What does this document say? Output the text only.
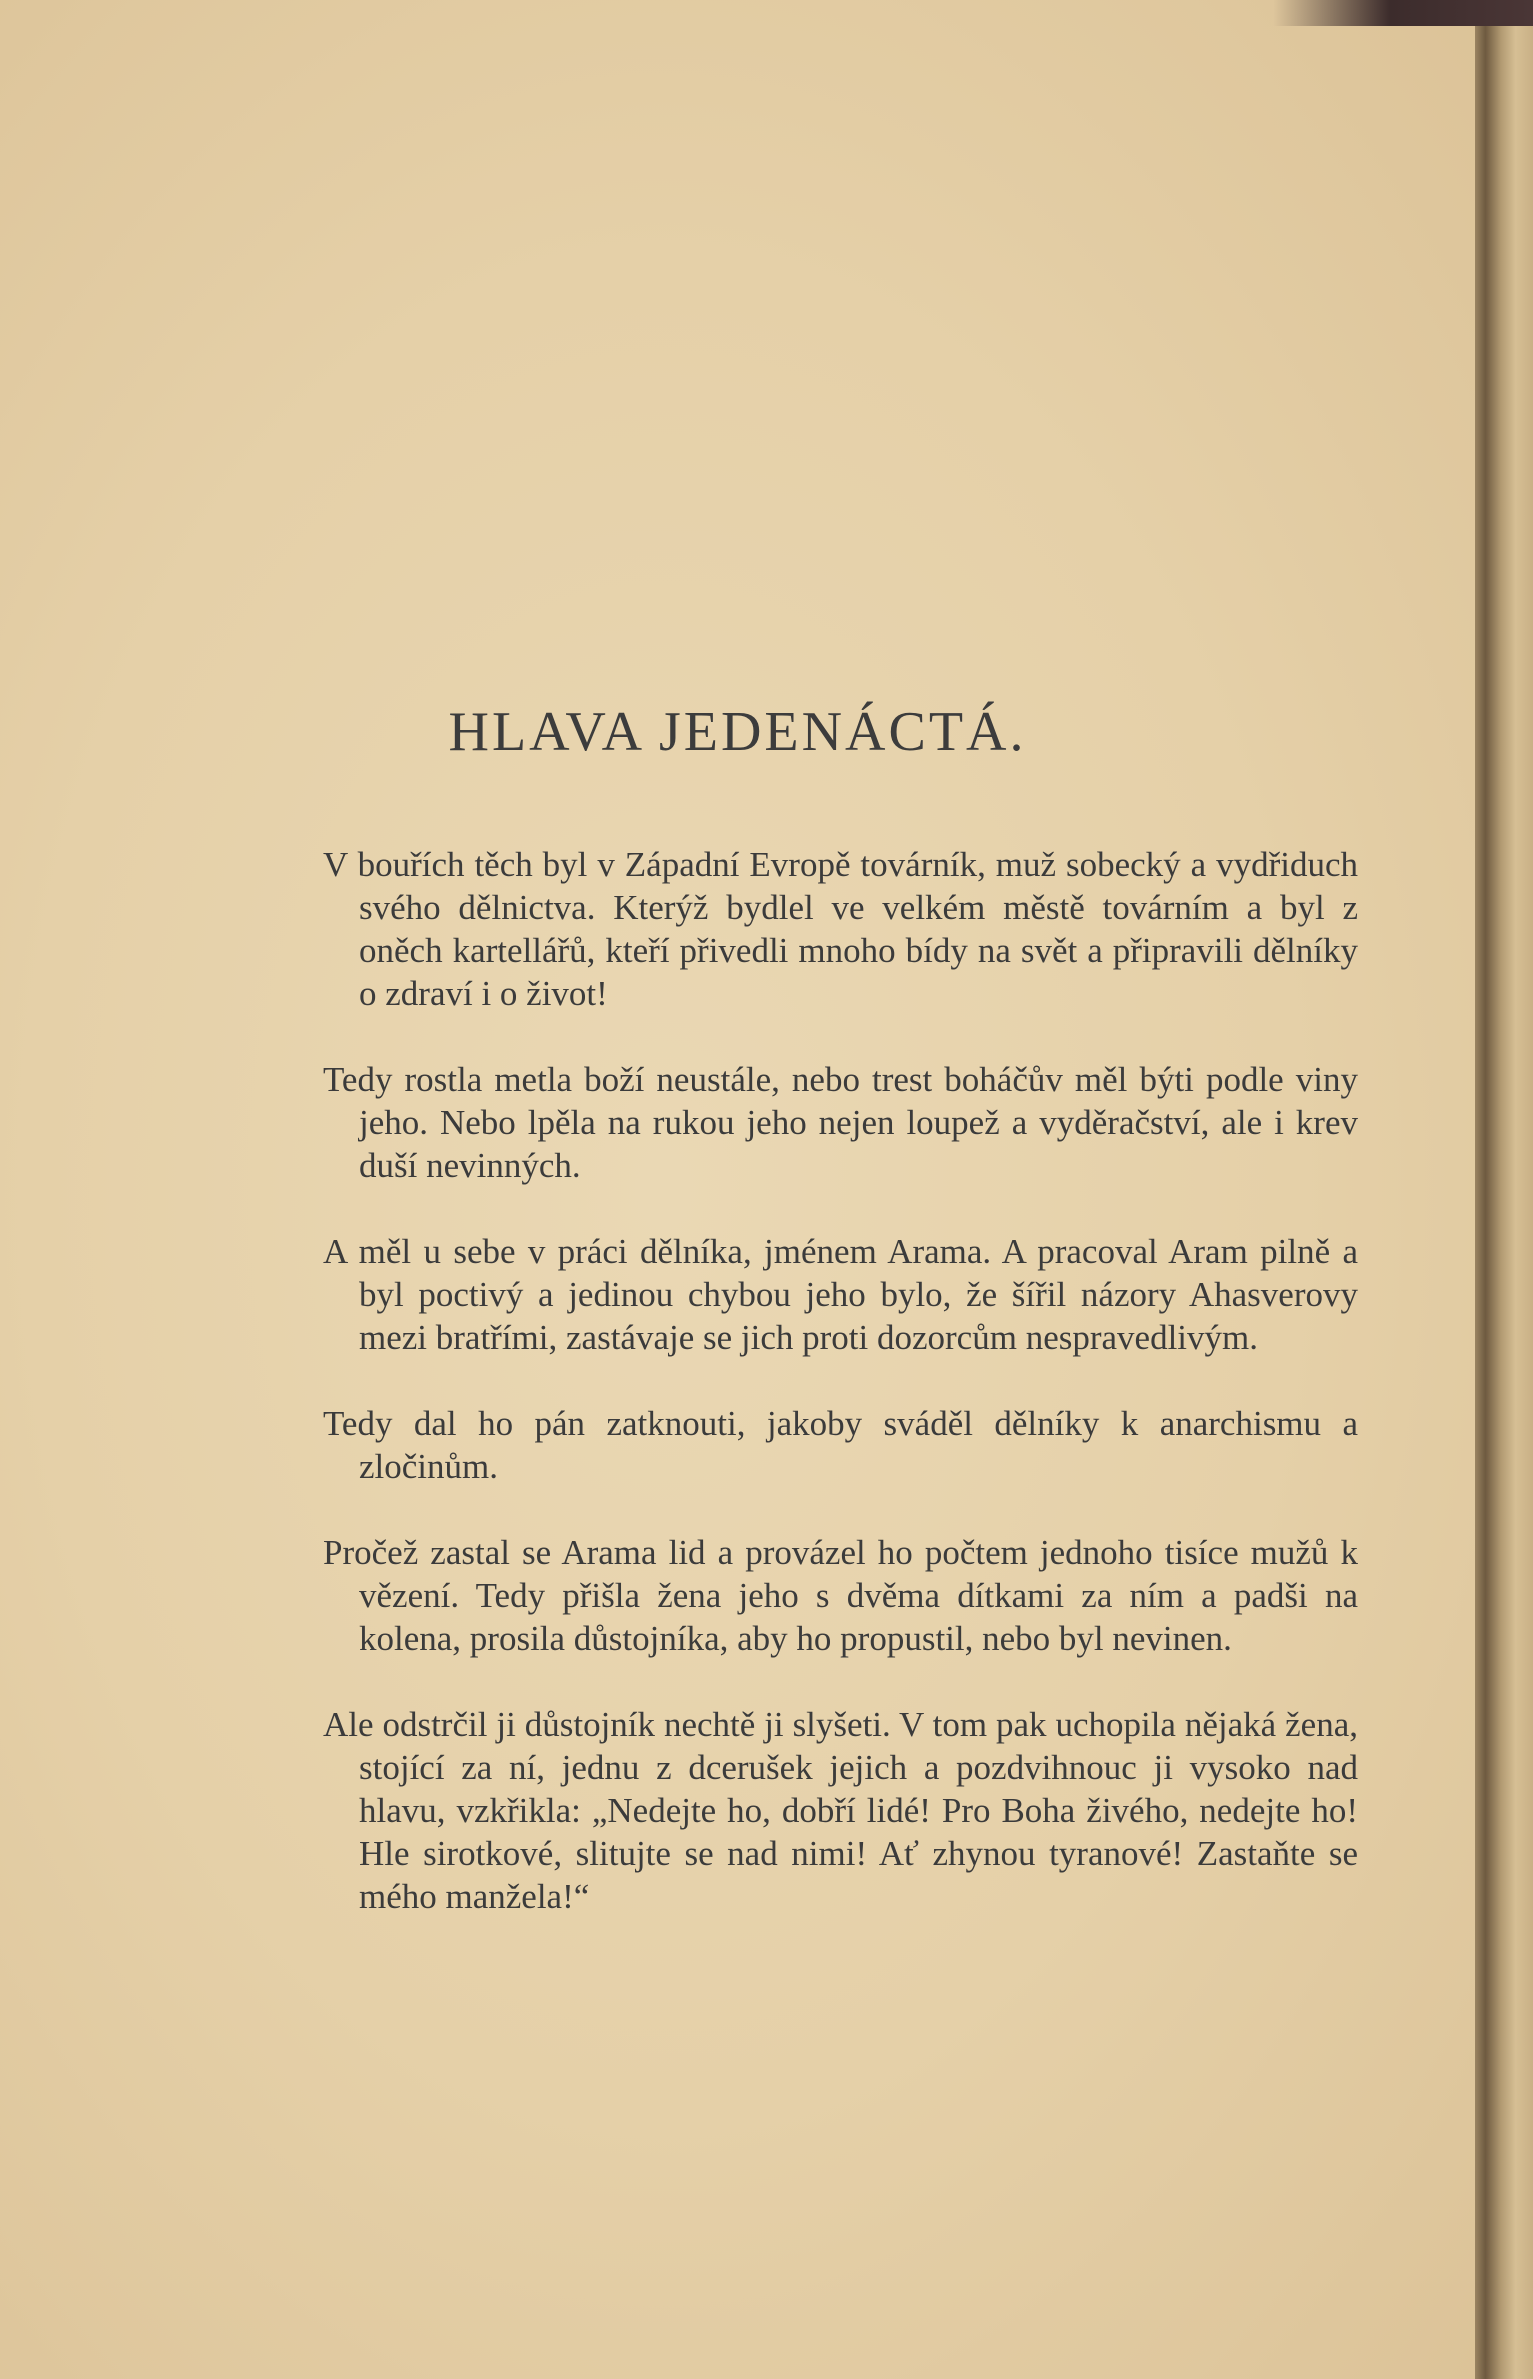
HLAVA JEDENÁCTÁ.

V bouřích těch byl v Západní Evropě továrník, muž sobecký a vydřiduch svého dělnictva. Kterýž bydlel ve velkém městě továrním a byl z oněch kartellářů, kteří přivedli mnoho bídy na svět a připravili dělníky o zdraví i o život!

Tedy rostla metla boží neustále, nebo trest boháčův měl býti podle viny jeho. Nebo lpěla na rukou jeho nejen loupež a vyděračství, ale i krev duší nevinných.

A měl u sebe v práci dělníka, jménem Arama. A pracoval Aram pilně a byl poctivý a jedinou chybou jeho bylo, že šířil názory Ahasverovy mezi bratřími, zastávaje se jich proti dozorcům nespravedlivým.

Tedy dal ho pán zatknouti, jakoby sváděl dělníky k anarchismu a zločinům.

Pročež zastal se Arama lid a provázel ho počtem jednoho tisíce mužů k vězení. Tedy přišla žena jeho s dvěma dítkami za ním a padši na kolena, prosila důstojníka, aby ho propustil, nebo byl nevinen.

Ale odstrčil ji důstojník nechtě ji slyšeti. V tom pak uchopila nějaká žena, stojící za ní, jednu z dcerušek jejich a pozdvihnouc ji vysoko nad hlavu, vzkřikla: „Nedejte ho, dobří lidé! Pro Boha živého, nedejte ho! Hle sirotkové, slitujte se nad nimi! Ať zhynou tyranové! Zastaňte se mého manžela!“
